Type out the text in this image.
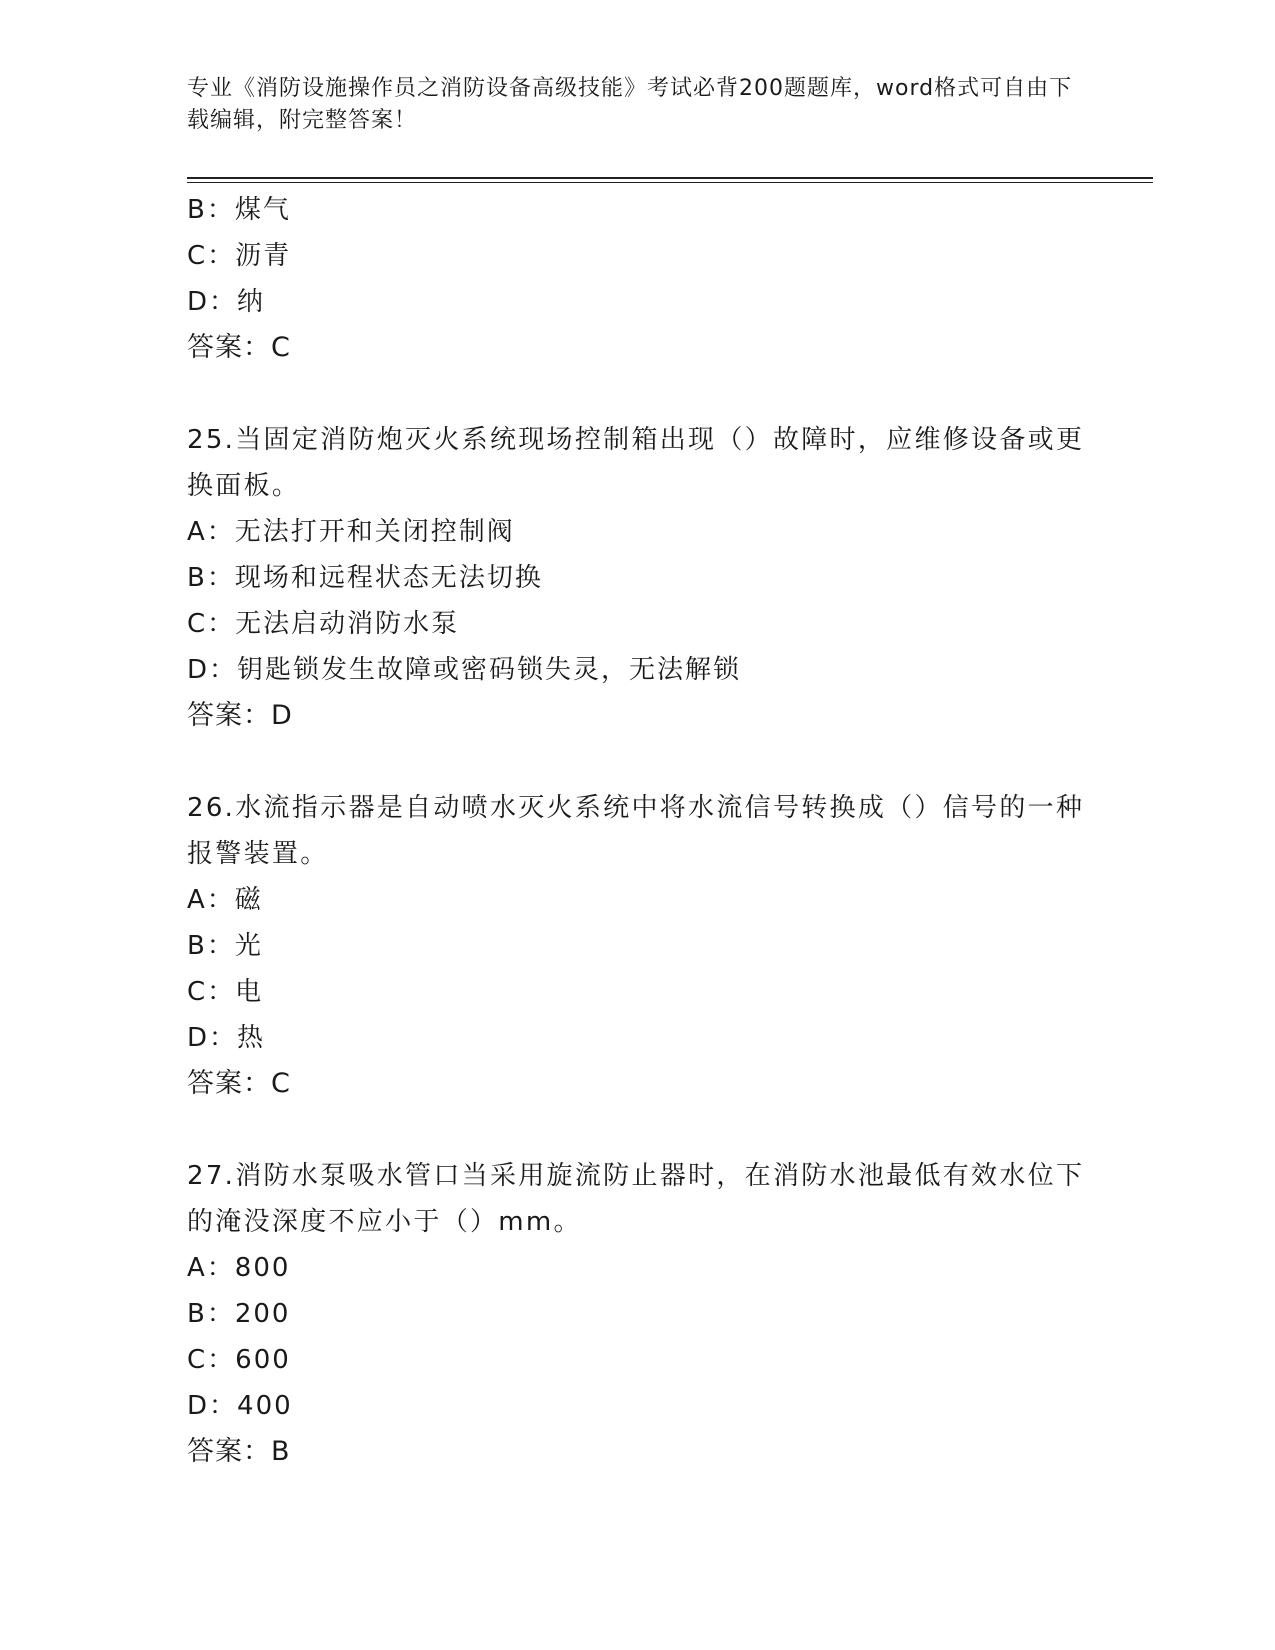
专业《消防设施操作员之消防设备高级技能》考试必背200题题库，word格式可自由下载编辑，附完整答案！
B：煤气
C：沥青
D：纳
答案：C
25.当固定消防炮灭火系统现场控制箱出现（）故障时，应维修设备或更换面板。
A：无法打开和关闭控制阀
B：现场和远程状态无法切换
C：无法启动消防水泵
D：钥匙锁发生故障或密码锁失灵，无法解锁
答案：D
26.水流指示器是自动喷水灭火系统中将水流信号转换成（）信号的一种报警装置。
A：磁
B：光
C：电
D：热
答案：C
27.消防水泵吸水管口当采用旋流防止器时，在消防水池最低有效水位下的淹没深度不应小于（）mm。
A：800
B：200
C：600
D：400
答案：B
